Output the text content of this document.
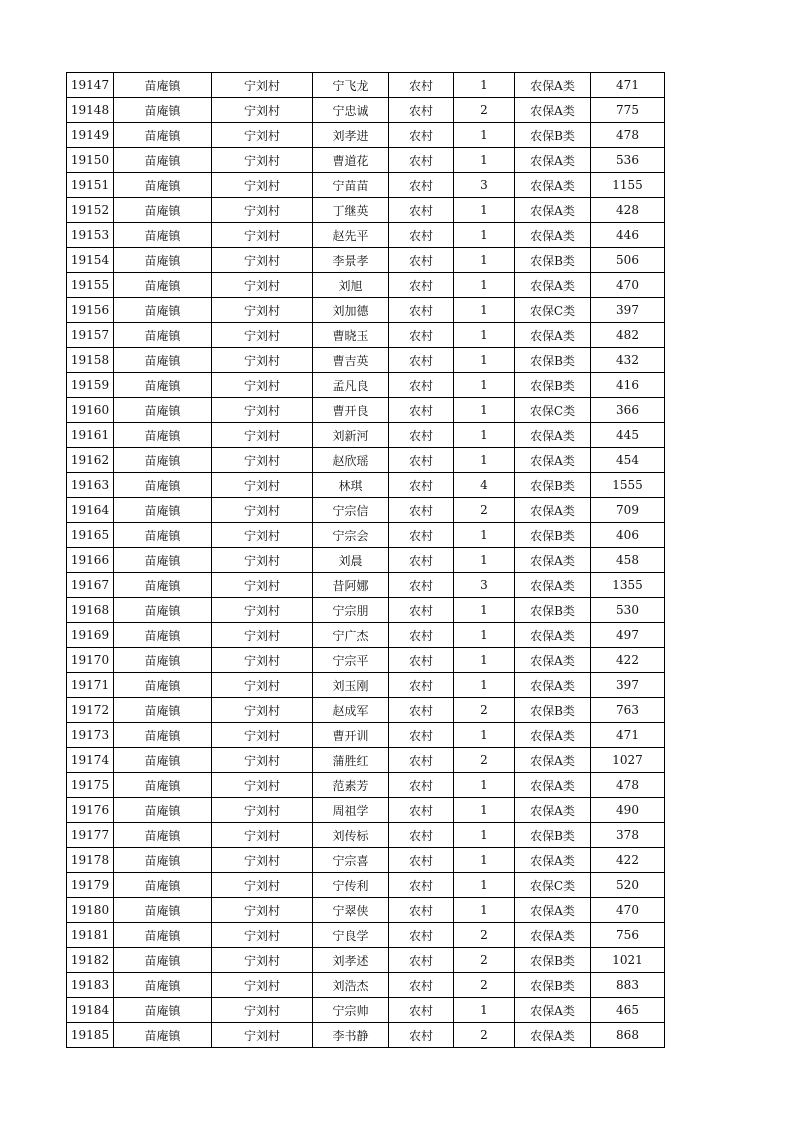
19147	苗庵镇	宁刘村	宁飞龙	农村	1	农保A类	471
19148	苗庵镇	宁刘村	宁忠诚	农村	2	农保A类	775
19149	苗庵镇	宁刘村	刘孝进	农村	1	农保B类	478
19150	苗庵镇	宁刘村	曹道花	农村	1	农保A类	536
19151	苗庵镇	宁刘村	宁苗苗	农村	3	农保A类	1155
19152	苗庵镇	宁刘村	丁继英	农村	1	农保A类	428
19153	苗庵镇	宁刘村	赵先平	农村	1	农保A类	446
19154	苗庵镇	宁刘村	李景孝	农村	1	农保B类	506
19155	苗庵镇	宁刘村	刘旭	农村	1	农保A类	470
19156	苗庵镇	宁刘村	刘加德	农村	1	农保C类	397
19157	苗庵镇	宁刘村	曹晓玉	农村	1	农保A类	482
19158	苗庵镇	宁刘村	曹吉英	农村	1	农保B类	432
19159	苗庵镇	宁刘村	孟凡良	农村	1	农保B类	416
19160	苗庵镇	宁刘村	曹开良	农村	1	农保C类	366
19161	苗庵镇	宁刘村	刘新河	农村	1	农保A类	445
19162	苗庵镇	宁刘村	赵欣瑶	农村	1	农保A类	454
19163	苗庵镇	宁刘村	林琪	农村	4	农保B类	1555
19164	苗庵镇	宁刘村	宁宗信	农村	2	农保A类	709
19165	苗庵镇	宁刘村	宁宗会	农村	1	农保B类	406
19166	苗庵镇	宁刘村	刘晨	农村	1	农保A类	458
19167	苗庵镇	宁刘村	昔阿娜	农村	3	农保A类	1355
19168	苗庵镇	宁刘村	宁宗朋	农村	1	农保B类	530
19169	苗庵镇	宁刘村	宁广杰	农村	1	农保A类	497
19170	苗庵镇	宁刘村	宁宗平	农村	1	农保A类	422
19171	苗庵镇	宁刘村	刘玉刚	农村	1	农保A类	397
19172	苗庵镇	宁刘村	赵成军	农村	2	农保B类	763
19173	苗庵镇	宁刘村	曹开训	农村	1	农保A类	471
19174	苗庵镇	宁刘村	蒲胜红	农村	2	农保A类	1027
19175	苗庵镇	宁刘村	范素芳	农村	1	农保A类	478
19176	苗庵镇	宁刘村	周祖学	农村	1	农保A类	490
19177	苗庵镇	宁刘村	刘传标	农村	1	农保B类	378
19178	苗庵镇	宁刘村	宁宗喜	农村	1	农保A类	422
19179	苗庵镇	宁刘村	宁传利	农村	1	农保C类	520
19180	苗庵镇	宁刘村	宁翠侠	农村	1	农保A类	470
19181	苗庵镇	宁刘村	宁良学	农村	2	农保A类	756
19182	苗庵镇	宁刘村	刘孝述	农村	2	农保B类	1021
19183	苗庵镇	宁刘村	刘浩杰	农村	2	农保B类	883
19184	苗庵镇	宁刘村	宁宗帅	农村	1	农保A类	465
19185	苗庵镇	宁刘村	李书静	农村	2	农保A类	868
